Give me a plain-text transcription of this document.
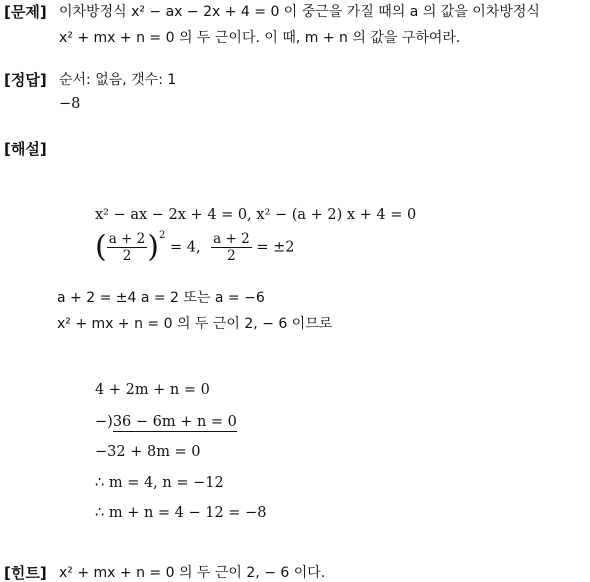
[문제] 이차방정식 x² − ax − 2x + 4 = 0 이 중근을 가질 때의 a 의 값을 이차방정식
x² + mx + n = 0 의 두 근이다. 이 때, m + n 의 값을 구하여라.
[정답] 순서: 없음, 갯수: 1
−8
[해설]
x² − ax − 2x + 4 = 0, x² − (a + 2) x + 4 = 0
( $\frac{a + 2}{2} )^2 = 4$, $\frac{a + 2}{2} = \pm 2$
a + 2 = ±4 a = 2 또는 a = −6
x² + mx + n = 0 의 두 근이 2, − 6 이므로
4 + 2m + n = 0
−)36 − 6m + n = 0
−32 + 8m = 0
∴ m = 4, n = −12
∴ m + n = 4 − 12 = −8
[힌트] x² + mx + n = 0 의 두 근이 2, − 6 이다.
